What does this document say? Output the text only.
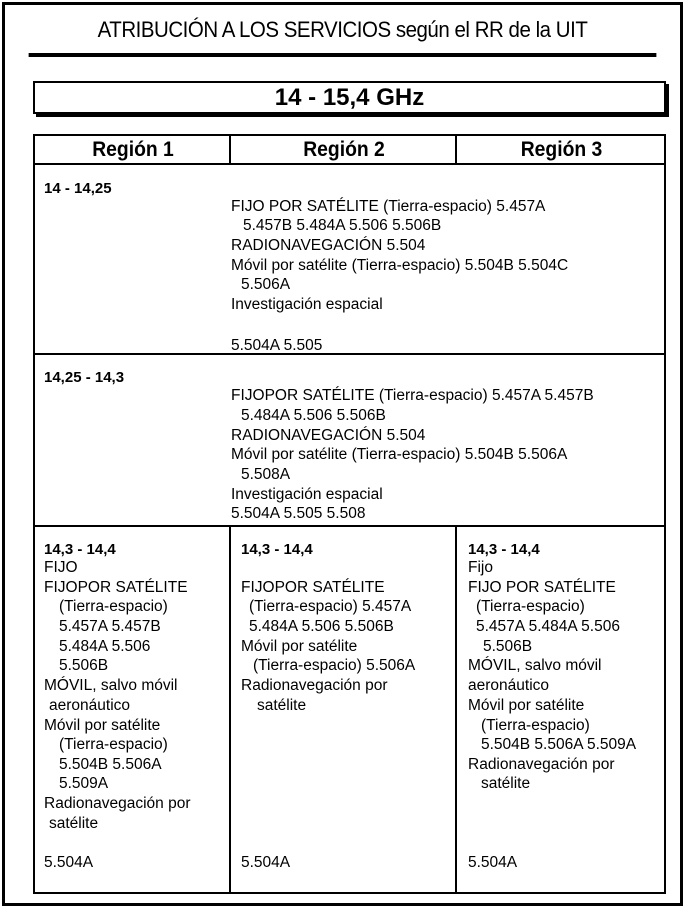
ATRIBUCIÓN A LOS SERVICIOS según el RR de la UIT
14 - 15,4 GHz
Región 1	Región 2	Región 3
14 - 14,25
FIJO POR SATÉLITE (Tierra-espacio) 5.457A
5.457B 5.484A 5.506 5.506B
RADIONAVEGACIÓN 5.504
Móvil por satélite (Tierra-espacio) 5.504B 5.504C
5.506A
Investigación espacial
5.504A 5.505
14,25 - 14,3
FIJOPOR SATÉLITE (Tierra-espacio) 5.457A 5.457B
5.484A 5.506 5.506B
RADIONAVEGACIÓN 5.504
Móvil por satélite (Tierra-espacio) 5.504B 5.506A
5.508A
Investigación espacial
5.504A 5.505 5.508
14,3 - 14,4
FIJO
FIJOPOR SATÉLITE
(Tierra-espacio)
5.457A 5.457B
5.484A 5.506
5.506B
MÓVIL, salvo móvil
aeronáutico
Móvil por satélite
(Tierra-espacio)
5.504B 5.506A
5.509A
Radionavegación por
satélite
5.504A
14,3 - 14,4
FIJOPOR SATÉLITE
(Tierra-espacio) 5.457A
5.484A 5.506 5.506B
Móvil por satélite
(Tierra-espacio) 5.506A
Radionavegación por
satélite
5.504A
14,3 - 14,4
Fijo
FIJO POR SATÉLITE
(Tierra-espacio)
5.457A 5.484A 5.506
5.506B
MÓVIL, salvo móvil
aeronáutico
Móvil por satélite
(Tierra-espacio)
5.504B 5.506A 5.509A
Radionavegación por
satélite
5.504A
